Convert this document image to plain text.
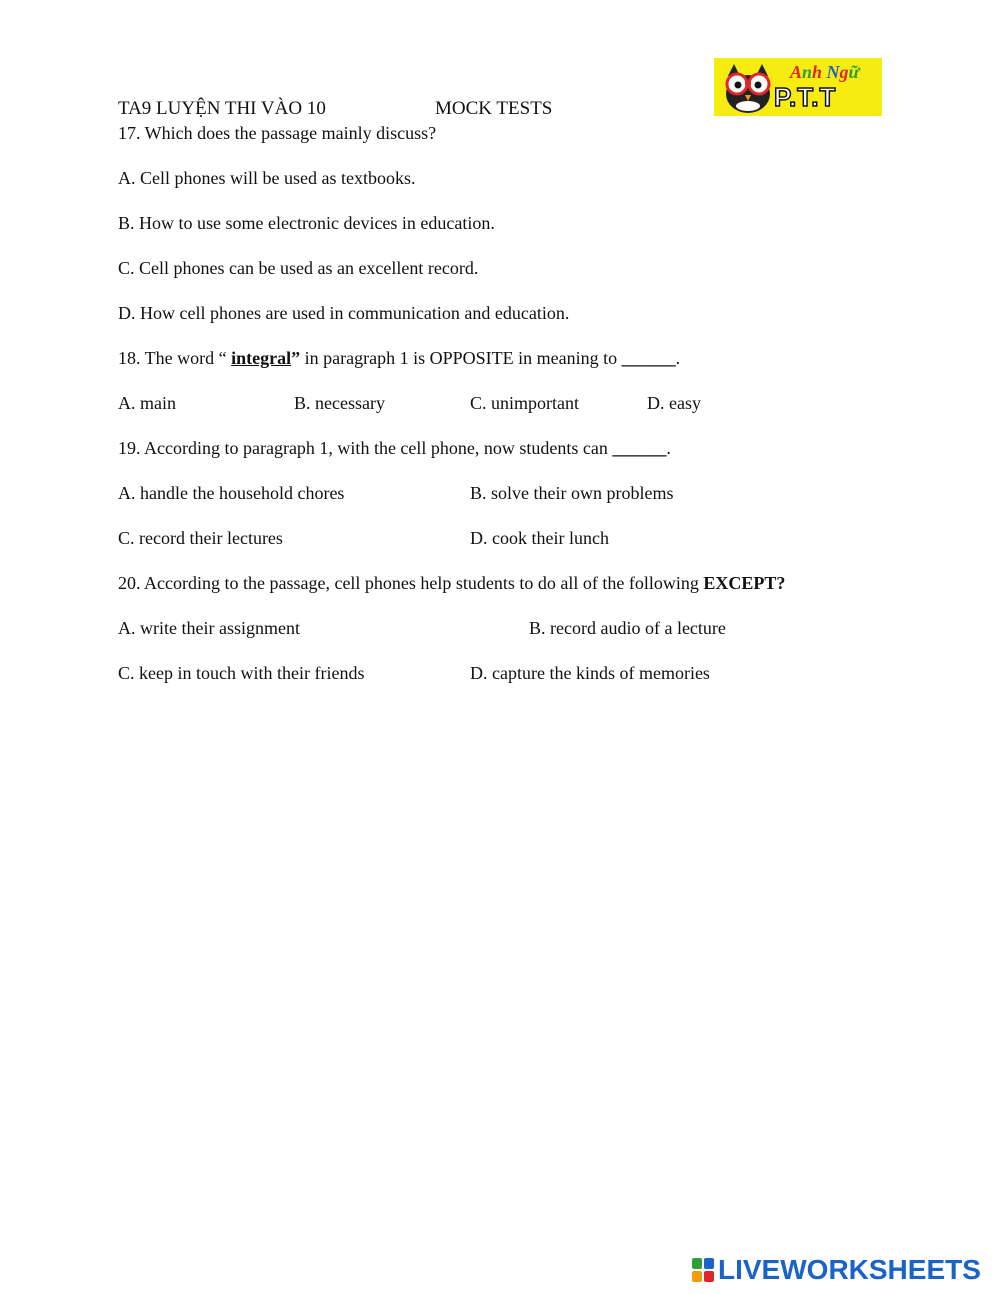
TA9 LUYỆN THI VÀO 10	MOCK TESTS
Anh Ngữ
P.T.T
17. Which does the passage mainly discuss?
A. Cell phones will be used as textbooks.
B. How to use some electronic devices in education.
C. Cell phones can be used as an excellent record.
D. How cell phones are used in communication and education.
18. The word “ integral” in paragraph 1 is OPPOSITE in meaning to ______.
A. main	B. necessary	C. unimportant	D. easy
19. According to paragraph 1, with the cell phone, now students can ______.
A. handle the household chores	B. solve their own problems
C. record their lectures	D. cook their lunch
20. According to the passage, cell phones help students to do all of the following EXCEPT?
A. write their assignment	B. record audio of a lecture
C. keep in touch with their friends	D. capture the kinds of memories
LIVEWORKSHEETS
